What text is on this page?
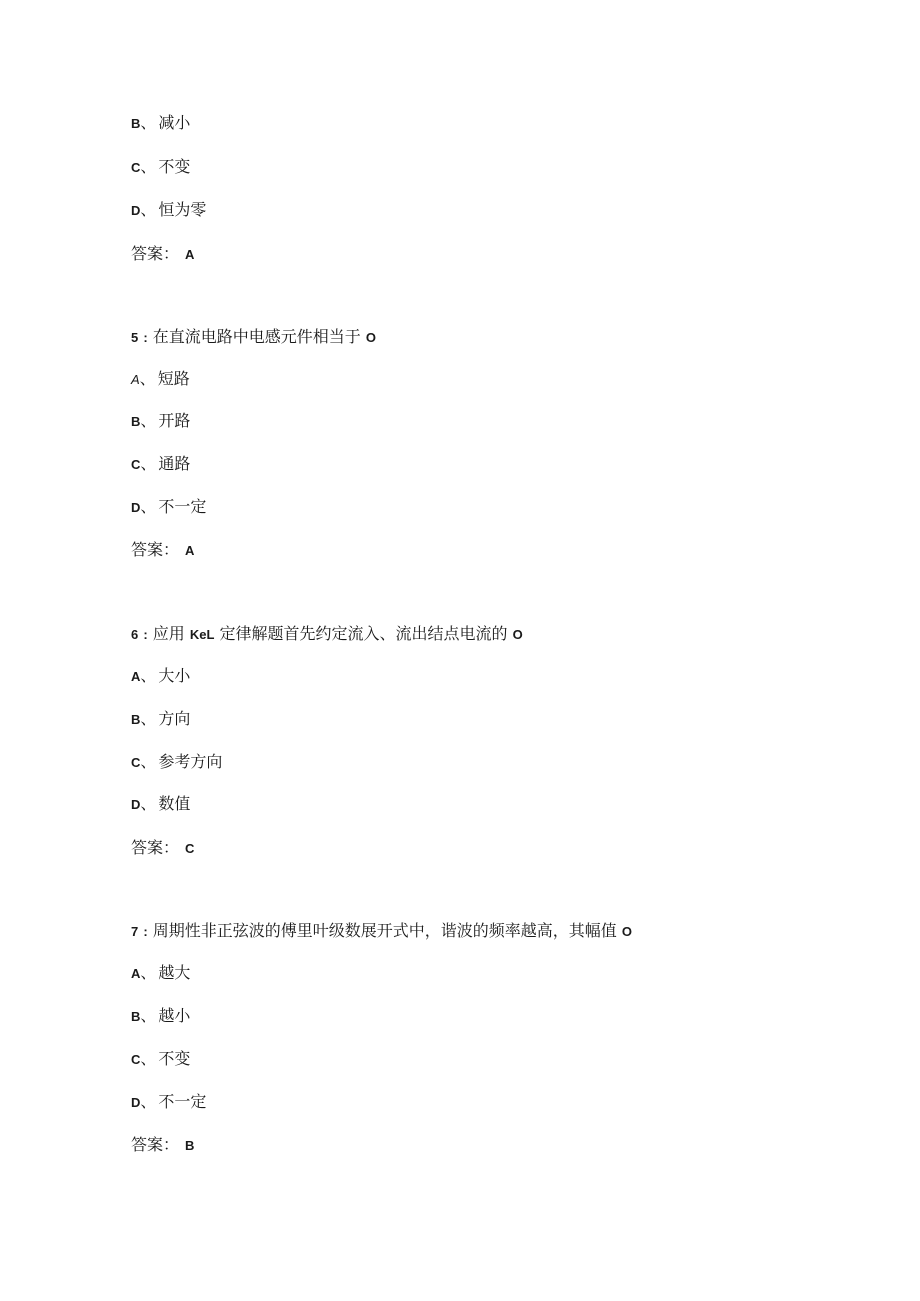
B、 减小
C、 不变
D、 恒为零
答案： A
5 : 在直流电路中电感元件相当于 O
A、 短路
B、 开路
C、 通路
D、 不一定
答案： A
6 : 应用 KeL 定律解题首先约定流入、流出结点电流的 O
A、 大小
B、 方向
C、 参考方向
D、 数值
答案： C
7 : 周期性非正弦波的傅里叶级数展开式中，谐波的频率越高，其幅值 O
A、 越大
B、 越小
C、 不变
D、 不一定
答案： B
